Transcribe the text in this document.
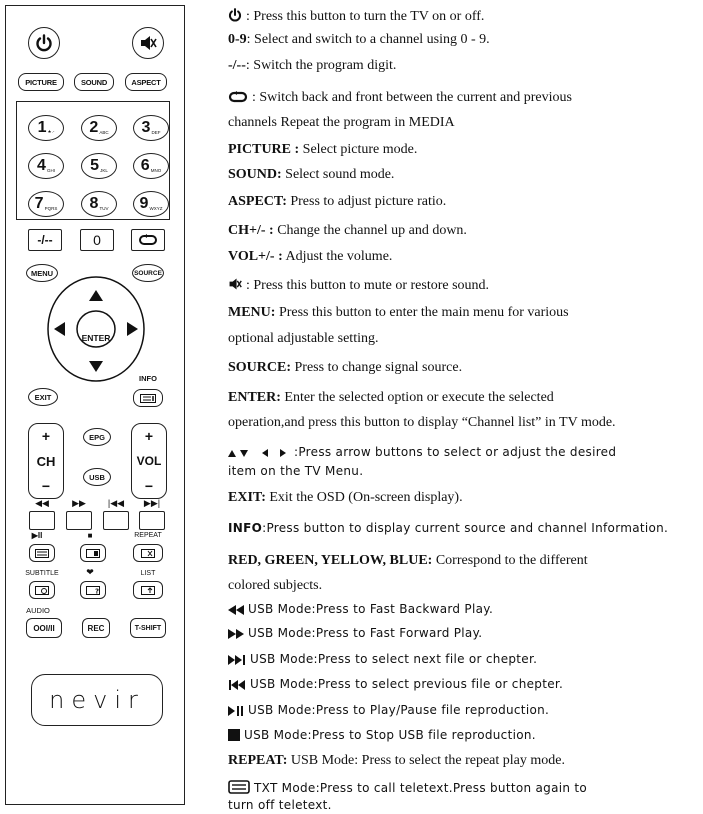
PICTURE	SOUND	ASPECT
-/--	0
MENU	SOURCE
ENTER
EXIT
INFO
+
CH
−
+
VOL
−
EPG
USB
◀◀	▶▶	|◀◀	▶▶|
▶II	■	REPEAT
SUBTITLE	❤	LIST
?
AUDIO
OOI/II	REC	T-SHIFT
nevir
$1_{★.-}$ $2_{ABC}$ $3_{DEF}$
$4_{GHI}$ $5_{JKL}$ $6_{MNO}$
$7_{PQRS}$ $8_{TUV}$ $9_{WXYZ}$
: Press this button to turn the TV on or off.
0-9: Select and switch to a channel using 0 - 9.
-/--: Switch the program digit.
: Switch back and front between the current and previous
channels Repeat the program in MEDIA
PICTURE : Select picture mode.
SOUND: Select sound mode.
ASPECT: Press to adjust picture ratio.
CH+/- : Change the channel up and down.
VOL+/- : Adjust the volume.
: Press this button to mute or restore sound.
MENU: Press this button to enter the main menu for various
optional adjustable setting.
SOURCE: Press to change signal source.
ENTER: Enter the selected option or execute the selected
operation,and press this button to display “Channel list” in TV mode.
:Press arrow buttons to select or adjust the desired
item on the TV Menu.
EXIT: Exit the OSD (On-screen display).
INFO:Press button to display current source and channel Information.
RED, GREEN, YELLOW, BLUE: Correspond to the different
colored subjects.
USB Mode:Press to Fast Backward Play.
USB Mode:Press to Fast Forward Play.
USB Mode:Press to select next file or chepter.
USB Mode:Press to select previous file or chepter.
USB Mode:Press to Play/Pause file reproduction.
USB Mode:Press to Stop USB file reproduction.
REPEAT: USB Mode: Press to select the repeat play mode.
TXT Mode:Press to call teletext.Press button again to
turn off teletext.
